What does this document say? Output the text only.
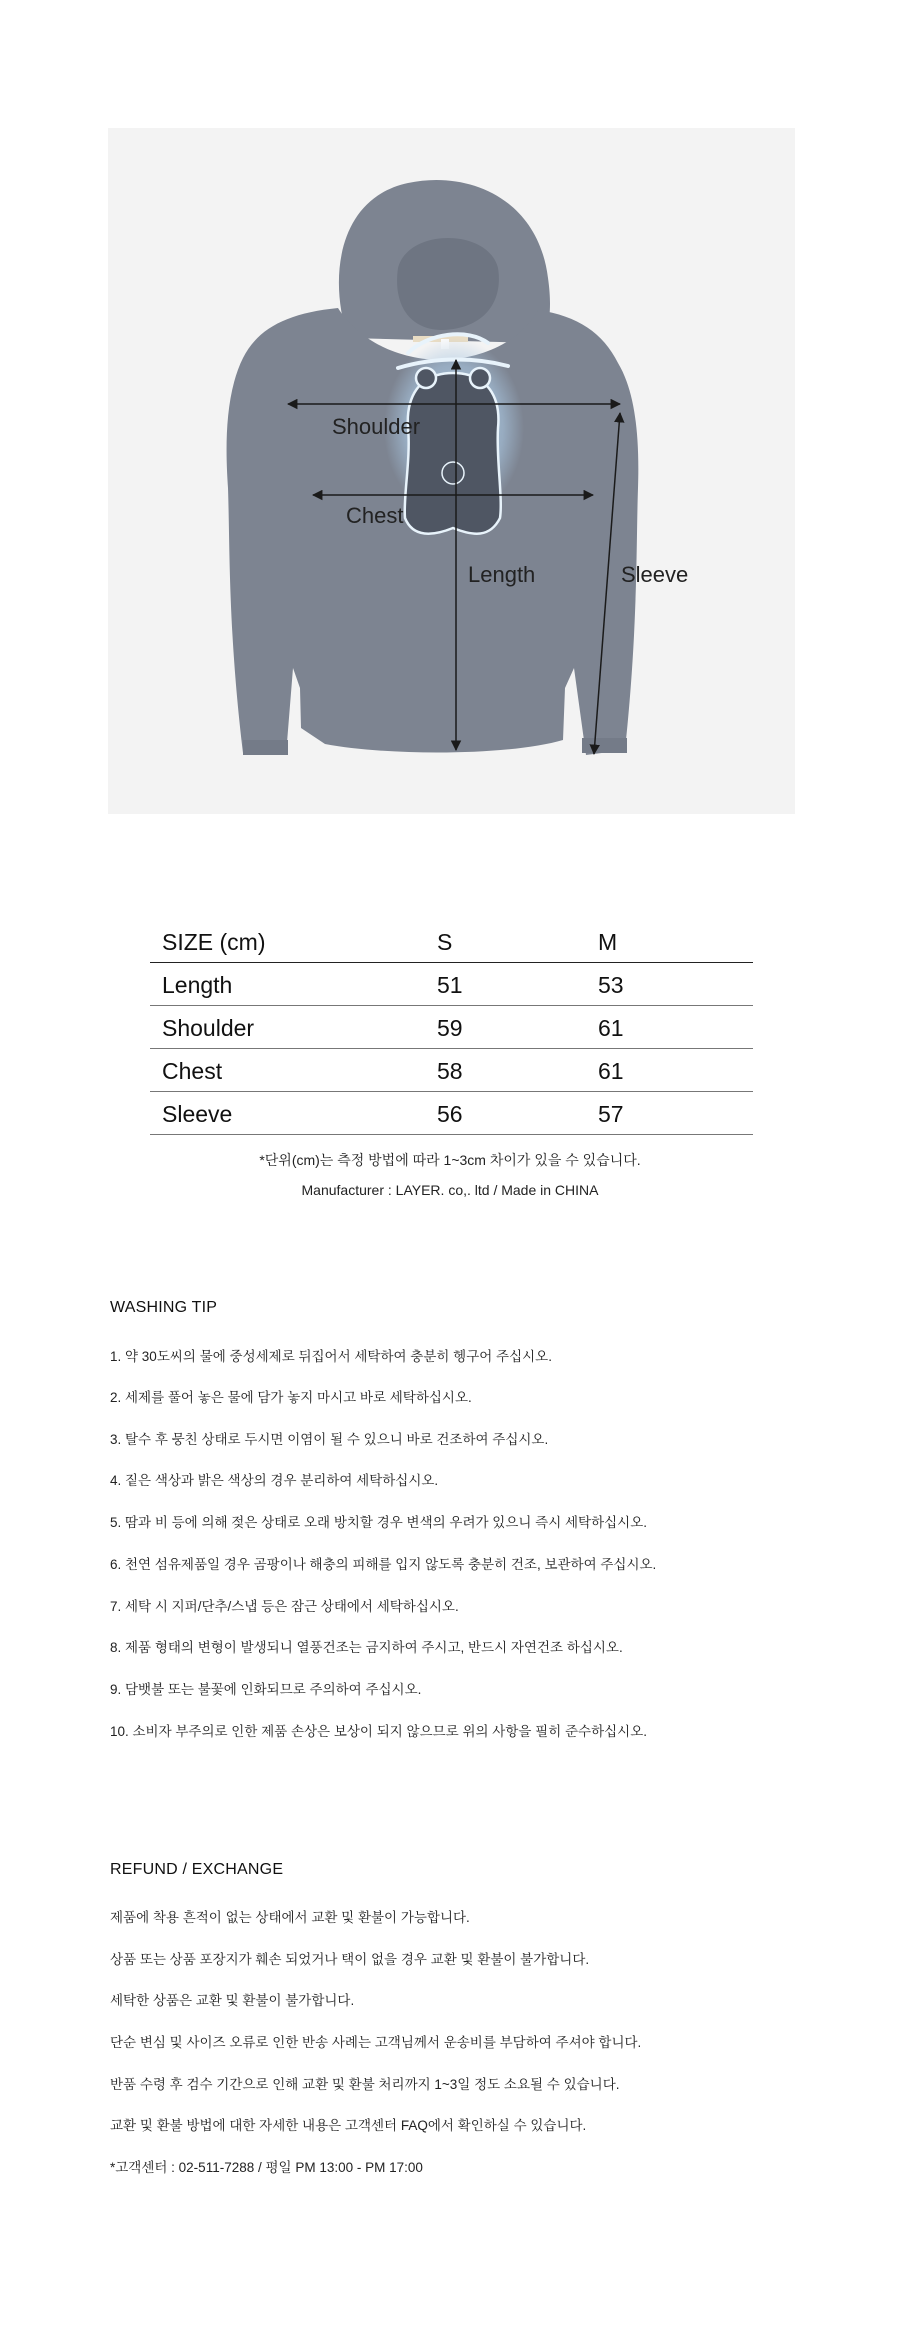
Shoulder
Chest
Length	Sleeve
SIZE (cm)	S	M
Length	51	53
Shoulder	59	61
Chest	58	61
Sleeve	56	57
*단위(cm)는 측정 방법에 따라 1~3cm 차이가 있을 수 있습니다.
Manufacturer : LAYER. co,. ltd / Made in CHINA
WASHING TIP
1. 약 30도씨의 물에 중성세제로 뒤집어서 세탁하여 충분히 헹구어 주십시오.
2. 세제를 풀어 놓은 물에 담가 놓지 마시고 바로 세탁하십시오.
3. 탈수 후 뭉친 상태로 두시면 이염이 될 수 있으니 바로 건조하여 주십시오.
4. 짙은 색상과 밝은 색상의 경우 분리하여 세탁하십시오.
5. 땀과 비 등에 의해 젖은 상태로 오래 방치할 경우 변색의 우려가 있으니 즉시 세탁하십시오.
6. 천연 섬유제품일 경우 곰팡이나 해충의 피해를 입지 않도록 충분히 건조, 보관하여 주십시오.
7. 세탁 시 지퍼/단추/스냅 등은 잠근 상태에서 세탁하십시오.
8. 제품 형태의 변형이 발생되니 열풍건조는 금지하여 주시고, 반드시 자연건조 하십시오.
9. 담뱃불 또는 불꽃에 인화되므로 주의하여 주십시오.
10. 소비자 부주의로 인한 제품 손상은 보상이 되지 않으므로 위의 사항을 필히 준수하십시오.
REFUND / EXCHANGE
제품에 착용 흔적이 없는 상태에서 교환 및 환불이 가능합니다.
상품 또는 상품 포장지가 훼손 되었거나 택이 없을 경우 교환 및 환불이 불가합니다.
세탁한 상품은 교환 및 환불이 불가합니다.
단순 변심 및 사이즈 오류로 인한 반송 사례는 고객님께서 운송비를 부담하여 주셔야 합니다.
반품 수령 후 검수 기간으로 인해 교환 및 환불 처리까지 1~3일 정도 소요될 수 있습니다.
교환 및 환불 방법에 대한 자세한 내용은 고객센터 FAQ에서 확인하실 수 있습니다.
*고객센터 : 02-511-7288 / 평일 PM 13:00 - PM 17:00
